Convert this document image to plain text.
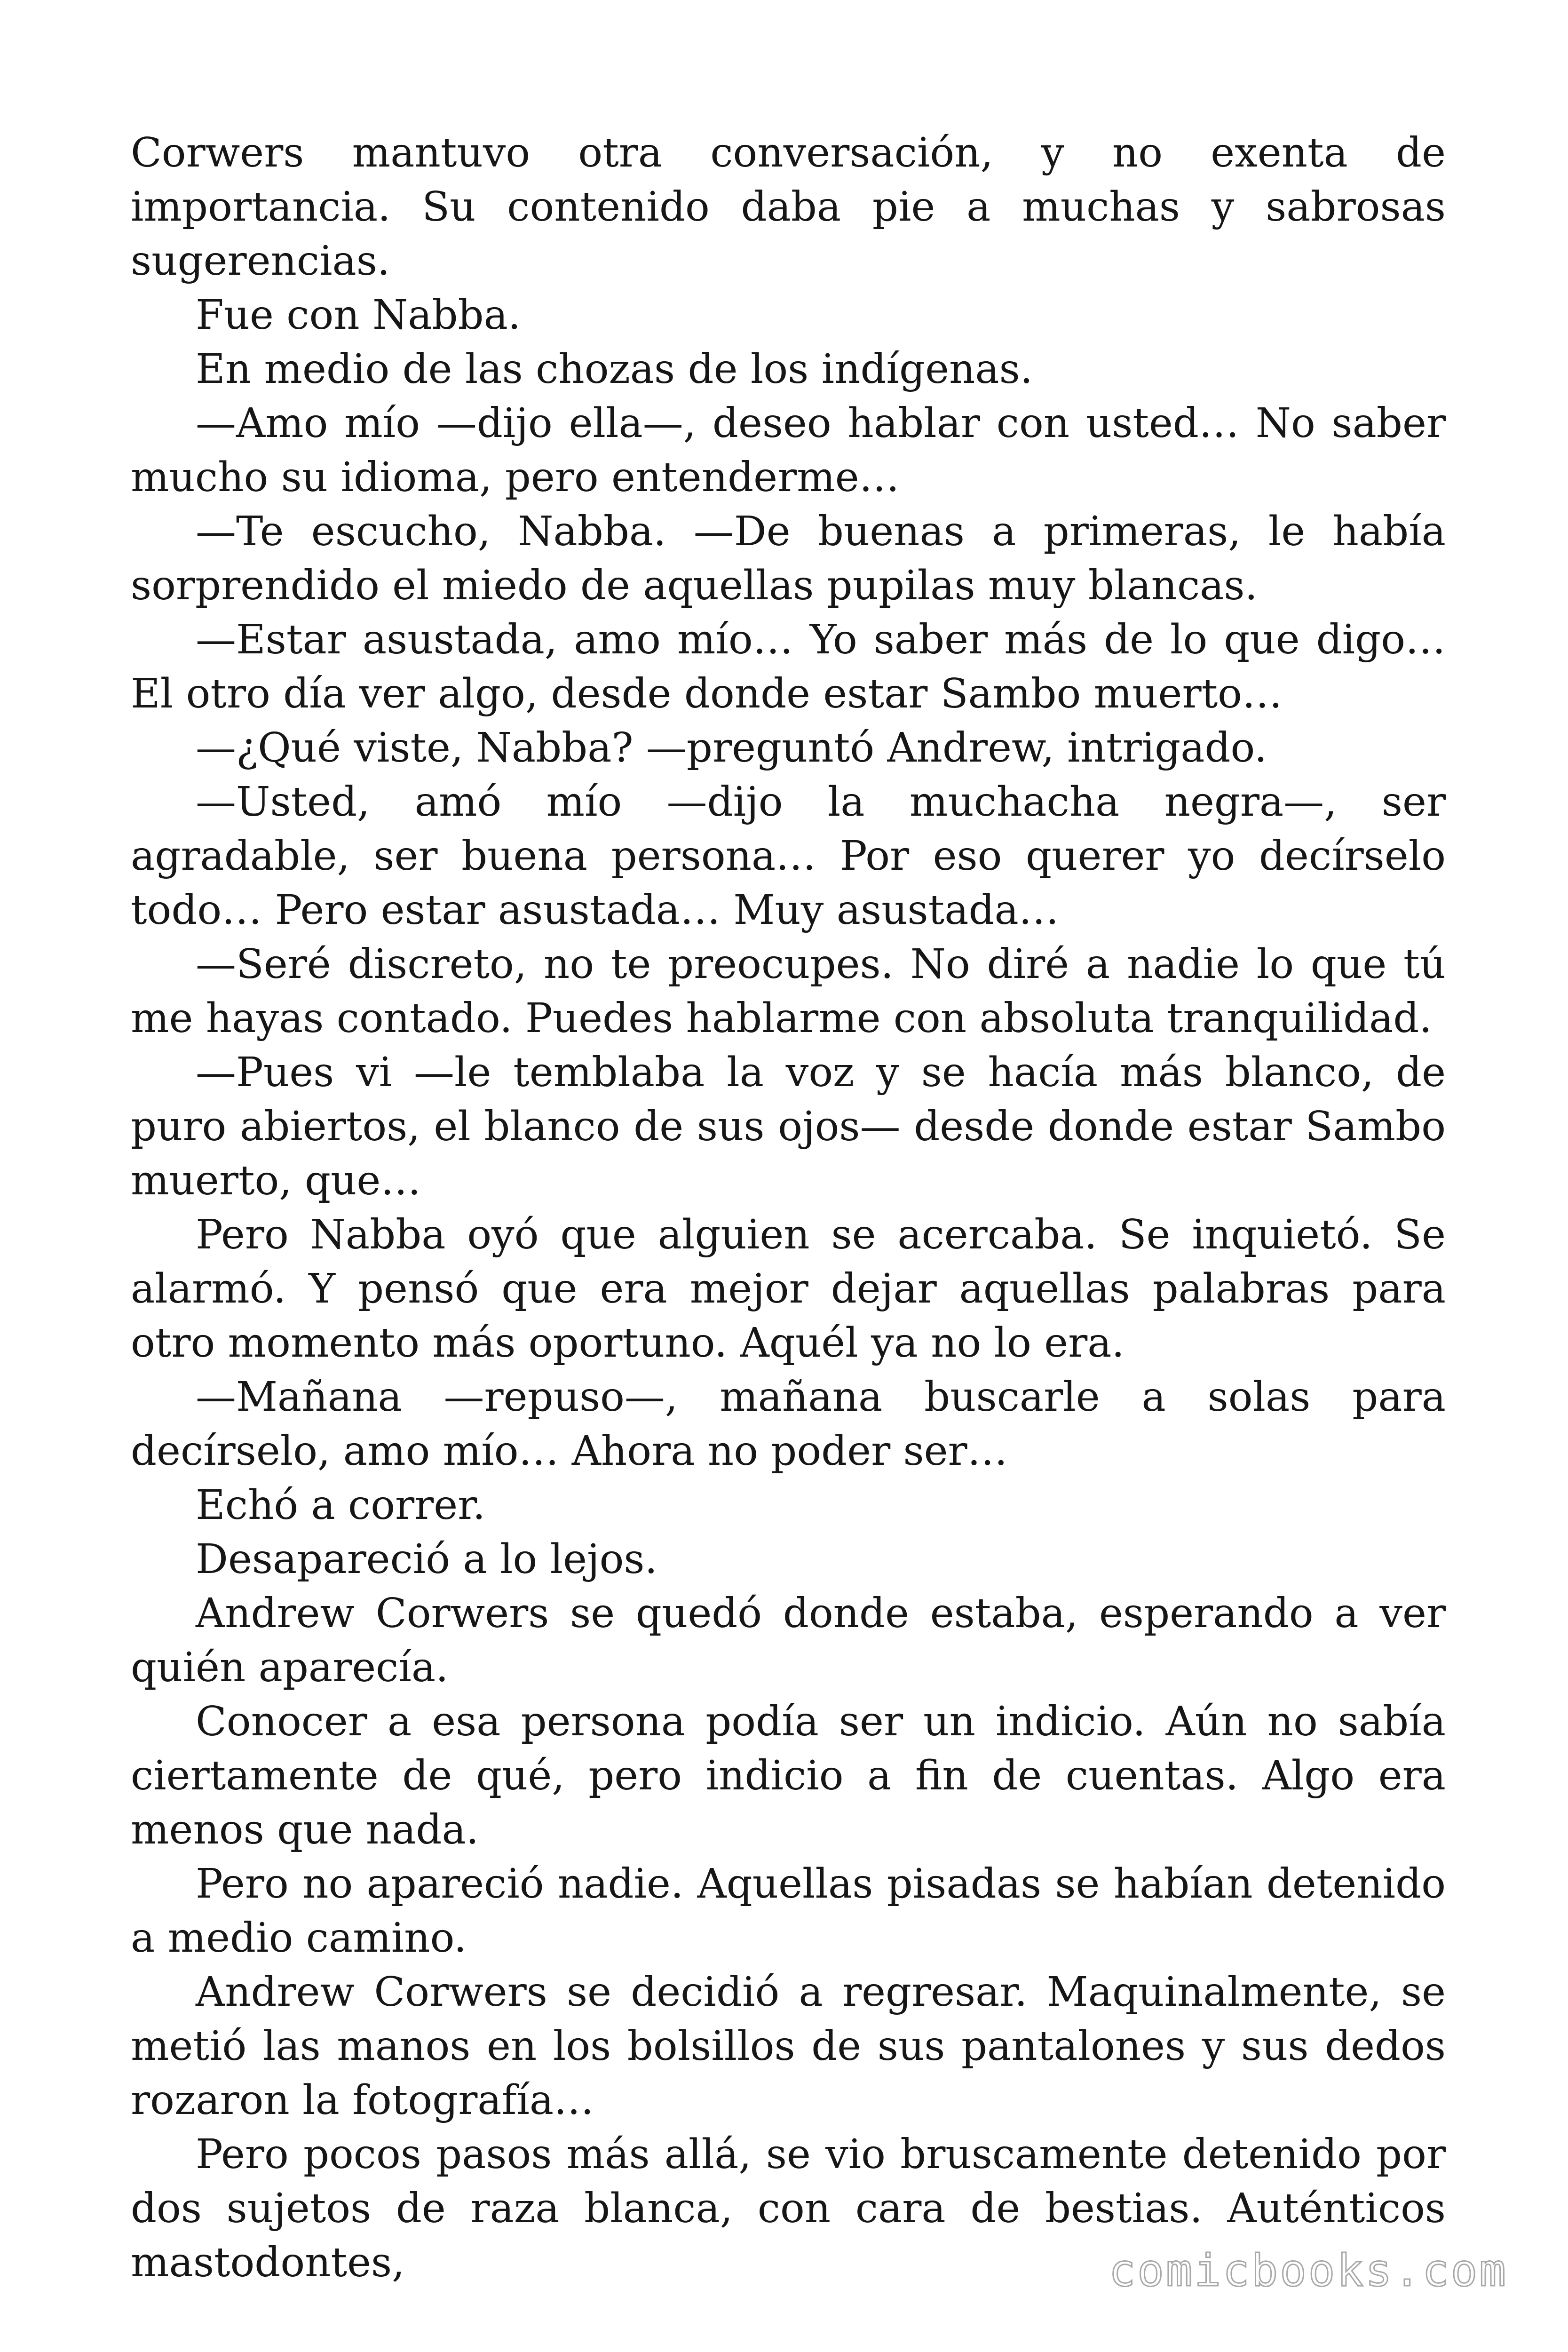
Corwers mantuvo otra conversación, y no exenta de importancia. Su contenido daba pie a muchas y sabrosas sugerencias.

Fue con Nabba.

En medio de las chozas de los indígenas.

—Amo mío —dijo ella—, deseo hablar con usted… No saber mucho su idioma, pero entenderme…

—Te escucho, Nabba. —De buenas a primeras, le había sorprendido el miedo de aquellas pupilas muy blancas.

—Estar asustada, amo mío… Yo saber más de lo que digo… El otro día ver algo, desde donde estar Sambo muerto…

—¿Qué viste, Nabba? —preguntó Andrew, intrigado.

—Usted, amó mío —dijo la muchacha negra—, ser agradable, ser buena persona… Por eso querer yo decírselo todo… Pero estar asustada… Muy asustada…

—Seré discreto, no te preocupes. No diré a nadie lo que tú me hayas contado. Puedes hablarme con absoluta tranquilidad.

—Pues vi —le temblaba la voz y se hacía más blanco, de puro abiertos, el blanco de sus ojos— desde donde estar Sambo muerto, que…

Pero Nabba oyó que alguien se acercaba. Se inquietó. Se alarmó. Y pensó que era mejor dejar aquellas palabras para otro momento más oportuno. Aquél ya no lo era.

—Mañana —repuso—, mañana buscarle a solas para decírselo, amo mío… Ahora no poder ser…

Echó a correr.

Desapareció a lo lejos.

Andrew Corwers se quedó donde estaba, esperando a ver quién aparecía.

Conocer a esa persona podía ser un indicio. Aún no sabía ciertamente de qué, pero indicio a fin de cuentas. Algo era menos que nada.

Pero no apareció nadie. Aquellas pisadas se habían detenido a medio camino.

Andrew Corwers se decidió a regresar. Maquinalmente, se metió las manos en los bolsillos de sus pantalones y sus dedos rozaron la fotografía…

Pero pocos pasos más allá, se vio bruscamente detenido por dos sujetos de raza blanca, con cara de bestias. Auténticos mastodontes,	comicbooks.com
